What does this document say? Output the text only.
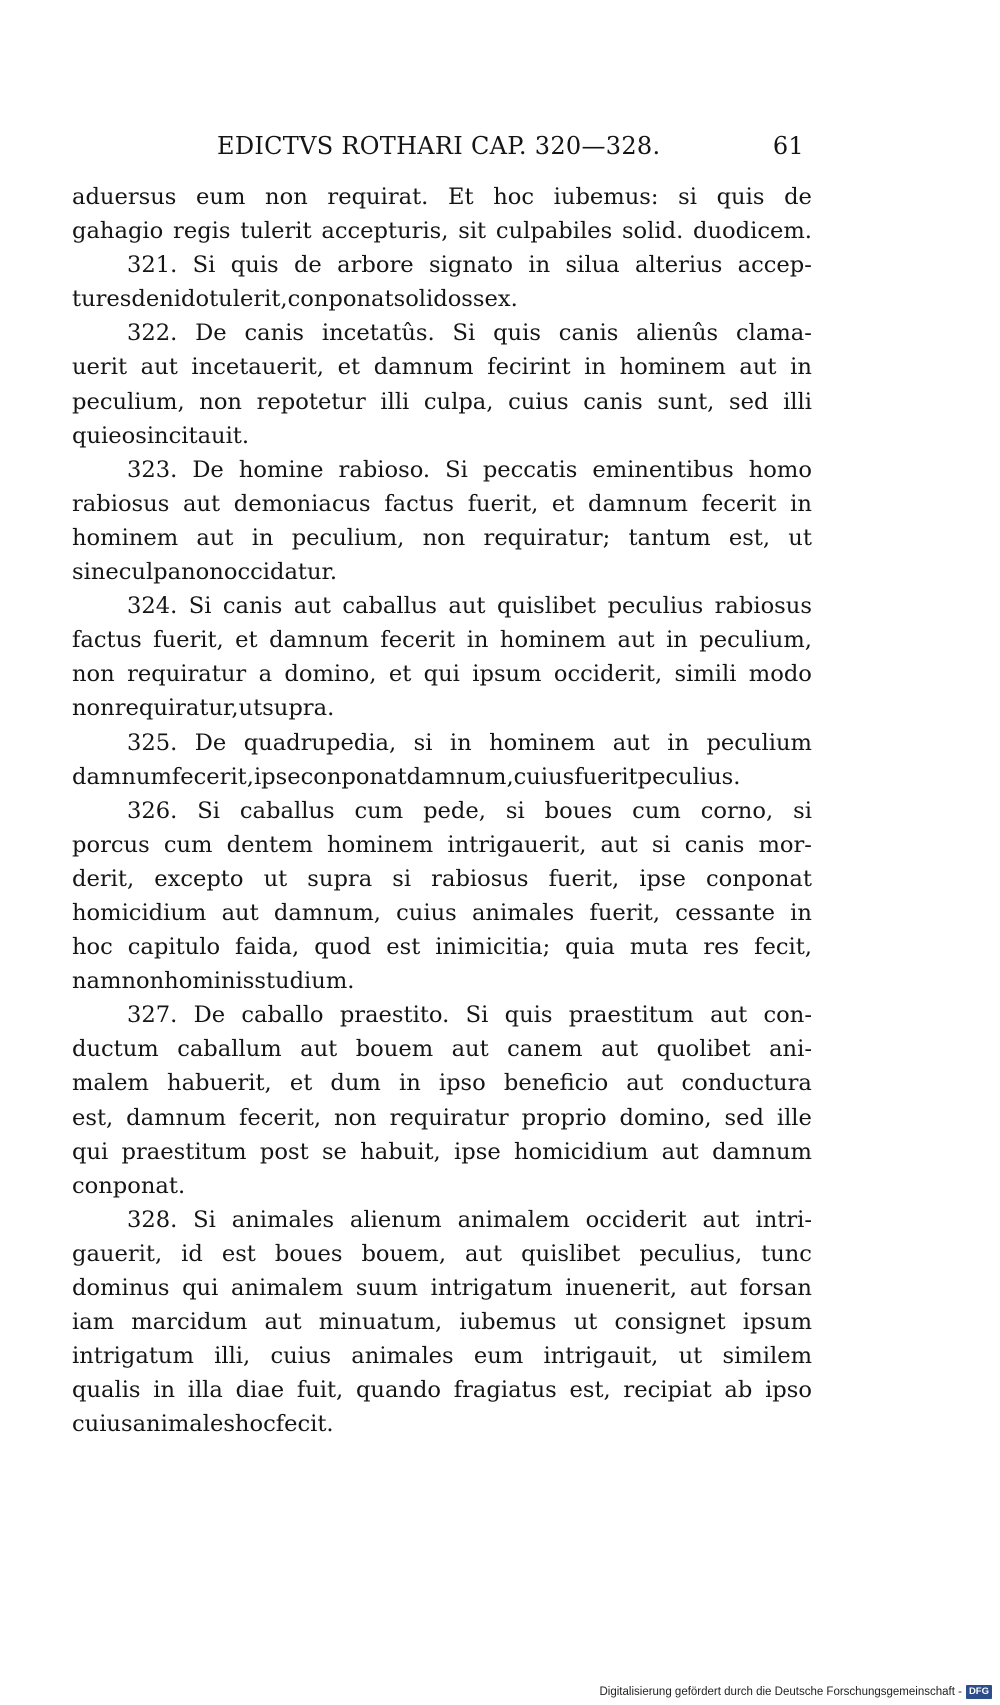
EDICTVS ROTHARI CAP. 320—328.	61
aduersus eum non requirat. Et hoc iubemus: si quis de
gahagio regis tulerit accepturis, sit culpabiles solid. duodicem.
321. Si quis de arbore signato in silua alterius accep-
tures de nido tulerit, conponat solidos sex.
322. De canis incetatûs. Si quis canis alienûs clama-
uerit aut incetauerit, et damnum fecirint in hominem aut in
peculium, non repotetur illi culpa, cuius canis sunt, sed illi
qui eos incitauit.
323. De homine rabioso. Si peccatis eminentibus homo
rabiosus aut demoniacus factus fuerit, et damnum fecerit in
hominem aut in peculium, non requiratur; tantum est, ut
sine culpa non occidatur.
324. Si canis aut caballus aut quislibet peculius rabiosus
factus fuerit, et damnum fecerit in hominem aut in peculium,
non requiratur a domino, et qui ipsum occiderit, simili modo
non requiratur, ut supra.
325. De quadrupedia, si in hominem aut in peculium
damnum fecerit, ipse conponat damnum, cuius fuerit peculius.
326. Si caballus cum pede, si boues cum corno, si
porcus cum dentem hominem intrigauerit, aut si canis mor-
derit, excepto ut supra si rabiosus fuerit, ipse conponat
homicidium aut damnum, cuius animales fuerit, cessante in
hoc capitulo faida, quod est inimicitia; quia muta res fecit,
nam non hominis studium.
327. De caballo praestito. Si quis praestitum aut con-
ductum caballum aut bouem aut canem aut quolibet ani-
malem habuerit, et dum in ipso beneficio aut conductura
est, damnum fecerit, non requiratur proprio domino, sed ille
qui praestitum post se habuit, ipse homicidium aut damnum
conponat.
328. Si animales alienum animalem occiderit aut intri-
gauerit, id est boues bouem, aut quislibet peculius, tunc
dominus qui animalem suum intrigatum inuenerit, aut forsan
iam marcidum aut minuatum, iubemus ut consignet ipsum
intrigatum illi, cuius animales eum intrigauit, ut similem
qualis in illa diae fuit, quando fragiatus est, recipiat ab ipso
cuius animales hoc fecit.
Digitalisierung gefördert durch die Deutsche Forschungsgemeinschaft - DFG
